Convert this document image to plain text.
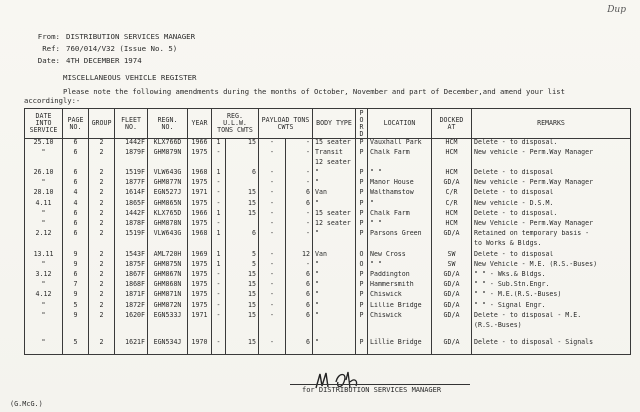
Dup
From: DISTRIBUTION SERVICES MANAGER
Ref: 760/014/V32 (Issue No. 5)
Date: 4TH DECEMBER 1974
MISCELLANEOUS VEHICLE REGISTER
Please note the following amendments during the months of October, November and part of December,and amend your list
accordingly:-
DATE INTO SERVICE	PAGE NO.	GROUP	FLEET NO.	REGN. NO.	YEAR	REG. U.L.W. TONS CWTS		PAYLOAD TONS CWTS		BODY TYPE	P O R D	LOCATION	DOCKED AT	REMARKS
25.10	6	2	1442F	KLX766D	1966	1	15	-	-	15 seater	P	Vauxhall Park	HCM	Delete - to disposal.
"	6	2	1879F	GHM879N	1975	-		-	-	Transit	P	Chalk Farm	HCM	New vehicle - Perm.Way Manager
										12 seater				
26.10	6	2	1519F	VLW643G	1968	1	6	-	-	"	P	" "	HCM	Delete - to disposal
"	6	2	1877F	GHM877N	1975	-		-	-	"	P	Manor House	GD/A	New vehicle - Perm.Way Manager
28.10	4	2	1614F	EGN527J	1971	-	15	-	6	Van	P	Walthamstow	C/R	Delete - to disposal
4.11	4	2	1865F	GHM865N	1975	-	15	-	6	"	P	"	C/R	New vehicle - D.S.M.
"	6	2	1442F	KLX765D	1966	1	15	-	-	15 seater	P	Chalk Farm	HCM	Delete - to disposal.
"	6	2	1878F	GHM878N	1975	-		-	-	12 seater	P	" "	HCM	New Vehicle - Perm.Way Manager
2.12	6	2	1519F	VLW643G	1968	1	6	-	-	"	P	Parsons Green	GD/A	Retained on temporary basis -
														to Works & Bldgs.
13.11	9	2	1543F	AML720H	1969	1	5	-	12	Van	O	New Cross	SW	Delete - to disposal
"	9	2	1875F	GHM875N	1975	1	5	-	-	"	O	" "	SW	New Vehicle - M.E. (R.S.-Buses)
3.12	6	2	1867F	GHM867N	1975	-	15	-	6	"	P	Paddington	GD/A	" " - Wks.& Bldgs.
"	7	2	1868F	GHM868N	1975	-	15	-	6	"	P	Hammersmith	GD/A	" " - Sub.Stn.Engr.
4.12	9	2	1871F	GHM871N	1975	-	15	-	6	"	P	Chiswick	GD/A	" " - M.E.(R.S.-Buses)
"	5	2	1872F	GHM872N	1975	-	15	-	6	"	P	Lillie Bridge	GD/A	" " - Signal Engr.
"	9	2	1620F	EGN533J	1971	-	15	-	6	"	P	Chiswick	GD/A	Delete - to disposal - M.E.
														(R.S.-Buses)
"	5	2	1621F	EGN534J	1970	-	15	-	6	"	P	Lillie Bridge	GD/A	Delete - to disposal - Signals
for DISTRIBUTION SERVICES MANAGER
(G.McG.)
